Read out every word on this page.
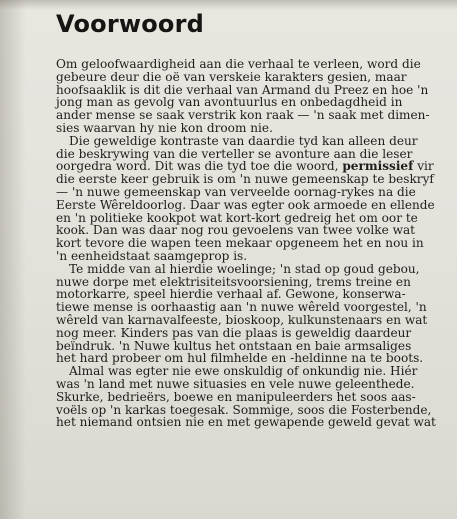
Voorwoord
Om geloofwaardigheid aan die verhaal te verleen, word die
gebeure deur die oë van verskeie karakters gesien, maar
hoofsaaklik is dit die verhaal van Armand du Preez en hoe 'n
jong man as gevolg van avontuurlus en onbedagdheid in
ander mense se saak verstrik kon raak — 'n saak met dimen-
sies waarvan hy nie kon droom nie.
Die geweldige kontraste van daardie tyd kan alleen deur
die beskrywing van die verteller se avonture aan die leser
oorgedra word. Dit was die tyd toe die woord, permissief vir
die eerste keer gebruik is om 'n nuwe gemeenskap te beskryf
— 'n nuwe gemeenskap van verveelde oornag-rykes na die
Eerste Wêreldoorlog. Daar was egter ook armoede en ellende
en 'n politieke kookpot wat kort-kort gedreig het om oor te
kook. Dan was daar nog rou gevoelens van twee volke wat
kort tevore die wapen teen mekaar opgeneem het en nou in
'n eenheidstaat saamgeprop is.
Te midde van al hierdie woelinge; 'n stad op goud gebou,
nuwe dorpe met elektrisiteitsvoorsiening, trems treine en
motorkarre, speel hierdie verhaal af. Gewone, konserwa-
tiewe mense is oorhaastig aan 'n nuwe wêreld voorgestel, 'n
wêreld van karnavalfeeste, bioskoop, kulkunstenaars en wat
nog meer. Kinders pas van die plaas is geweldig daardeur
beïndruk. 'n Nuwe kultus het ontstaan en baie armsaliges
het hard probeer om hul filmhelde en -heldinne na te boots.
Almal was egter nie ewe onskuldig of onkundig nie. Hiér
was 'n land met nuwe situasies en vele nuwe geleenthede.
Skurke, bedrieërs, boewe en manipuleerders het soos aas-
voëls op 'n karkas toegesak. Sommige, soos die Fosterbende,
het niemand ontsien nie en met gewapende geweld gevat wat
